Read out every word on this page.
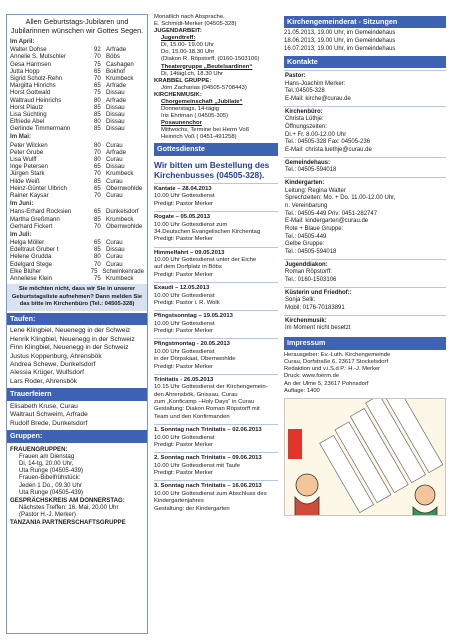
Allen Geburtstags-Jubilaren und Jubilarinnen wünschen wir Gottes Segen.
Im April:
Walter Dohse	92 Arfrade
Annelie S. Mutschler	70 Böbs
Gesa Harmsen	75 Cashagen
Jutta Hopp	65 Bokhof
Sigrid Scholz-Rehn	70 Krumbeck
Margitta Hinrichs	65 Arfrade
Horst Gottwald	75 Dissau
Waltraud Heinrichs	80 Arfrade
Horst Plautz	85 Dissau
Lisa Süchting	85 Dissau
Elfriede Abel	80 Dissau
Gerlinde Timmermann	85 Dissau
Im Mai:
Peter Wilcken	80 Curau
Peter Grube	70 Arfrade
Lisa Wulff	80 Curau
Inge Petersen	65 Dissau
Jürgen Stark	70 Krumbeck
Hilde Weiß	85 Curau
Heinz-Günter Ulbrich	65 Obernwohlde
Rainer Kaysar	70 Curau
Im Juni:
Hans-Erhard Rocksien	65 Dunkelsdorf
Martha Greßmann	85 Krumbeck
Gerhard Fickert	70 Obernwohlde
Im Juli:
Helga Möller	65 Curau
Edeltraut Gruber t	85 Dissau
Helene Grudda	80 Curau
Edelgard Stege	70 Curau
Elke Blüher	75 Schwinkenrade
Anneliese Klein	75 Krumbeck
Sie möchten nicht, dass wir Sie in unserer Geburtstagsliste aufnehmen? Dann melden Sie das bitte im Kirchenbüro (Tel.: 04505-328)
Taufen:
Lene Klingbiel, Neuenegg in der Schweiz
Henrik Klingbiel, Neuenegg in der Schweiz
Finn Klingbiel, Neuenegg in der Schweiz
Justus Koppenburg, Ahrensbök
Andrea Schewe, Dunkelsdorf
Alessia Krüger, Wulfsdorf
Lars Roder, Ahrensbök
Trauerfeiern
Elisabeth Kruse, Curau
Waltraut Schweim, Arfrade
Rudolf Brede, Dunkelsdorf
Gruppen:
FRAUENGRUPPEN:
Frauen am Dienstag
Di, 14-tg, 20.00 Uhr,
Uta Runge (04505-439)
Frauen-Bibelfrühstück:
Jeden 1 Do., 09.30 Uhr
Uta Runge (04505-439)
GESPRÄCHSKREIS AM DONNERSTAG:
Nächstes Treffen: 16. Mai, 20.00 Uhr
(Pastor H.-J. Merker)
TANZANIA PARTNERSCHAFTSGRUPPE
Monatlich nach Absprache,
E. Schmidt-Merker (04505-328)
JUGENDARBEIT:
Jugendtreff:
Di, 15.00- 19.00 Uhr
Do, 15.00-18.30 Uhr
(Diakon R. Röpstorff, (0160-1503106)
Theatergruppe „Beutelsardinen“
Di, 14tägl.ch, 18.30 Uhr
KRABBEL GRUPPE:
Jörn Zacharias (04505-5708443)
KIRCHENMUSIK:
Chorgemeinschaft „Jubilate“
Donnerstags, 14-tägig
Iris Ehrtman ( 04505-305)
Posaunenchor
Mittwochs, Termine bei Herrn Voß
Heinrich Voß ( 0451-491258)
Gottesdienste
Wir bitten um Bestellung des Kirchenbusses (04505-328).
Kantate – 28.04.2013
10.00 Uhr Gottesdienst
Predigt: Pastor Merker
Rogate – 05.05.2013
10.00 Uhr Gottesdienst zum
34.Deutschen Evangelischen Kirchentag
Predigt: Pastor Merker
Himmelfahrt – 09.05.2013
10.00 Uhr Gottesdienst unter der Eiche
auf dem Dorfplatz in Böbs
Predigt: Pastor Merker
Exaudi – 12.05.2013
10.00 Uhr Gottesdienst
Predigt: Pastor i. R. Wolk
Pfingstsonntag – 19.05.2013
10.00 Uhr Gottesdienst
Predigt: Pastor Merker
Pfingstmontag - 20.05.2013
10.00 Uhr Gottesdienst
in der Dörpskaat, Obernwohlde
Predigt: Pastor Merker
Trinitatis - 26.05.2013
10.15 Uhr Gottesdienst der Kirchengemein-
den Ahrensbök, Gnissau, Curau
zum „Konficamp –Holy Days“ in Curau
Gestaltung: Diakon Roman Röpstorff mit
Team und den Konfirmanden
1. Sonntag nach Trinitatis – 02.06.2013
10.00 Uhr Gottesdienst
Predigt: Pastor Merker
2. Sonntag nach Trinitatis – 09.06.2013
10.00 Uhr Gottesdienst mit Taufe
Predigt: Pastor Merker
3. Sonntag nach Trinitatis – 16.06.2013
10.00 Uhr Gottesdienst zum Abschluss des
Kindergartenjahres
Gestaltung: der Kindergarten
Kirchengemeinderat - Sitzungen
21.05.2013, 19.00 Uhr, im Gemeindehaus
18.06.2013, 19.00 Uhr, im Gemeindehaus
16.07.2013, 19.00 Uhr, im Gemeindehaus
Kontakte
Pastor:
Hans-Joachim Merker:
Tel.:04505-328
E-Mail: kirche@curau.de
Kirchenbüro:
Christa Lüthje:
Öffnungszeiten:
Di.+ Fr. 8.00-12.00 Uhr
Tel.: 04505-328 Fax: 04505-236
E-Mail: christa.luethje@curau.de
Gemeindehaus:
Tel.: 04505-594018
Kindergarten:
Leitung: Regina Walter
Sprechzeiten: Mo. + Do. 11.00-12.00 Uhr,
n. Vereinbarung
Tel.: 04505-449 Priv: 0451-282747
E-Mail: kindergarten@curau.de
Rote + Blaue Gruppe:
Tel.: 04505-449
Gelbe Gruppe:
Tel.: 04505-594018
Jugenddiakon:
Roman Röpstorff:
Tel.: 0160-1503106
Küsterin und Friedhof::
Sonja Selk:
Mobil: 0176-70183891
Kirchenmusik:
Im Moment nicht besetzt
Impressum
Herausgeber: Ev.-Luth. Kirchengemeinde
Curau, Dorfstraße 6, 23617 Stockelsdorf
Redaktion und v.i.S.d P.: H.-J. Merker
Druck: www.foerm.de
An der Ulme 5, 23617 Pohnsdorf
Auflage: 1400
